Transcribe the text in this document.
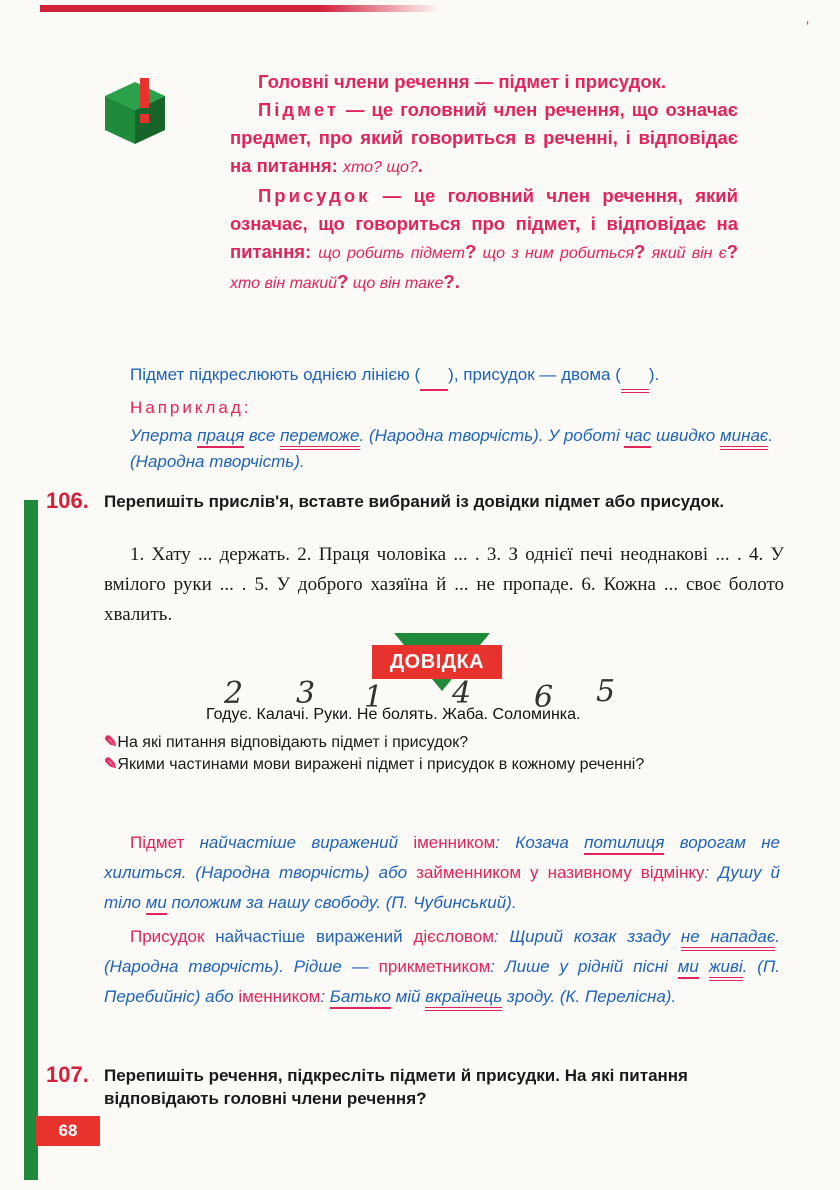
’

Головні члени речення — підмет і присудок.

Підмет — це головний член речення, що означає предмет, про який говориться в реченні, і відповідає на питання: хто? що?.

Присудок — це головний член речення, який означає, що говориться про підмет, і відповідає на питання: що робить підмет? що з ним робиться? який він є? хто він такий? що він таке?.

Підмет підкреслюють однією лінією ( ), присудок — двома ( ).

Наприклад:

Уперта праця все переможе. (Народна творчість). У роботі час швидко минає. (Народна творчість).

106. Перепишіть прислів'я, вставте вибраний із довідки підмет або присудок.
1. Хату ... держать. 2. Праця чоловіка ... . 3. З однієї печі неоднакові ... . 4. У вмілого руки ... . 5. У доброго хазяїна й ... не пропаде. 6. Кожна ... своє болото хвалить.
ДОВІДКА
2 3 1 4 6 5
Годує. Калачі. Руки. Не болять. Жаба. Соломинка.

✎На які питання відповідають підмет і присудок?

✎Якими частинами мови виражені підмет і присудок в кожному реченні?

Підмет найчастіше виражений іменником: Козача потилиця ворогам не хилиться. (Народна творчість) або займенником у називному відмінку: Душу й тіло ми положим за нашу свободу. (П. Чубинський).

Присудок найчастіше виражений дієсловом: Щирий козак ззаду не нападає. (Народна творчість). Рідше — прикметником: Лише у рідній пісні ми живі. (П. Перебийніс) або іменником: Батько мій вкраїнець зроду. (К. Перелісна).

107. Перепишіть речення, підкресліть підмети й присудки. На які питання відповідають головні члени речення?
68
